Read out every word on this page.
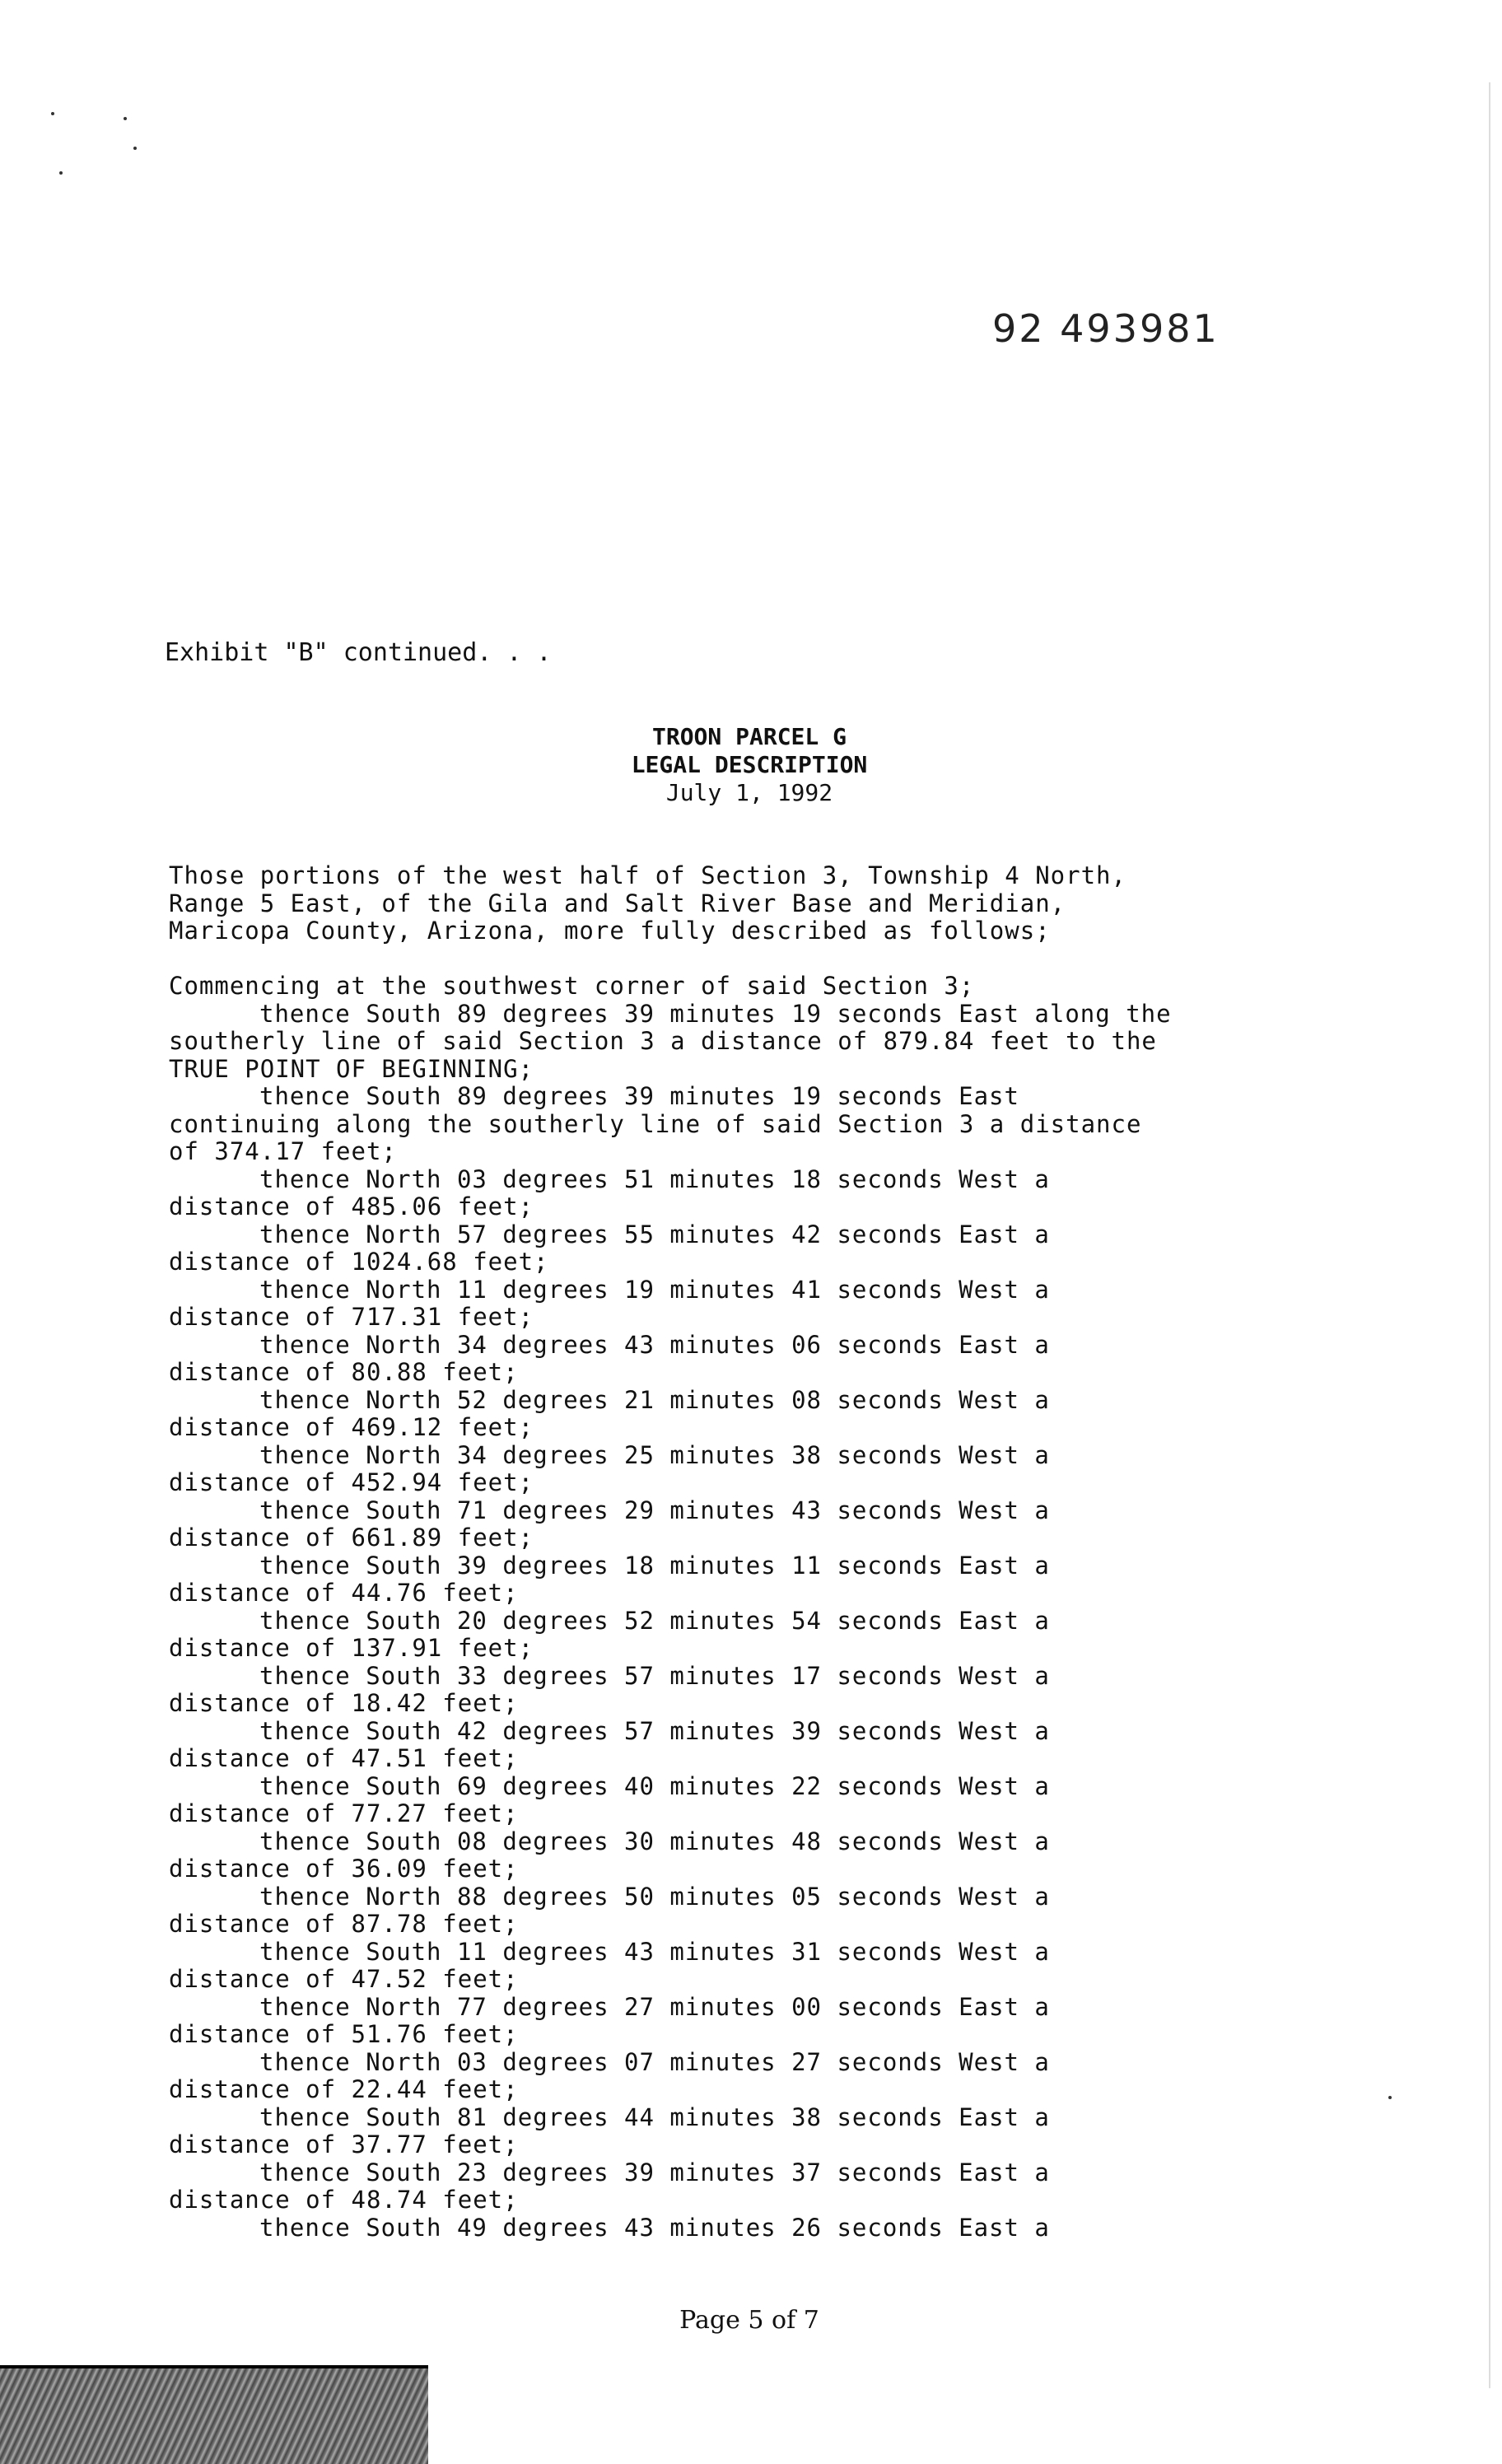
92 493981
Exhibit "B" continued. . .
TROON PARCEL G
LEGAL DESCRIPTION
July 1, 1992
Those portions of the west half of Section 3, Township 4 North,
Range 5 East, of the Gila and Salt River Base and Meridian,
Maricopa County, Arizona, more fully described as follows;
Commencing at the southwest corner of said Section 3;
thence South 89 degrees 39 minutes 19 seconds East along the
southerly line of said Section 3 a distance of 879.84 feet to the
TRUE POINT OF BEGINNING;
thence South 89 degrees 39 minutes 19 seconds East
continuing along the southerly line of said Section 3 a distance
of 374.17 feet;
thence North 03 degrees 51 minutes 18 seconds West a
distance of 485.06 feet;
thence North 57 degrees 55 minutes 42 seconds East a
distance of 1024.68 feet;
thence North 11 degrees 19 minutes 41 seconds West a
distance of 717.31 feet;
thence North 34 degrees 43 minutes 06 seconds East a
distance of 80.88 feet;
thence North 52 degrees 21 minutes 08 seconds West a
distance of 469.12 feet;
thence North 34 degrees 25 minutes 38 seconds West a
distance of 452.94 feet;
thence South 71 degrees 29 minutes 43 seconds West a
distance of 661.89 feet;
thence South 39 degrees 18 minutes 11 seconds East a
distance of 44.76 feet;
thence South 20 degrees 52 minutes 54 seconds East a
distance of 137.91 feet;
thence South 33 degrees 57 minutes 17 seconds West a
distance of 18.42 feet;
thence South 42 degrees 57 minutes 39 seconds West a
distance of 47.51 feet;
thence South 69 degrees 40 minutes 22 seconds West a
distance of 77.27 feet;
thence South 08 degrees 30 minutes 48 seconds West a
distance of 36.09 feet;
thence North 88 degrees 50 minutes 05 seconds West a
distance of 87.78 feet;
thence South 11 degrees 43 minutes 31 seconds West a
distance of 47.52 feet;
thence North 77 degrees 27 minutes 00 seconds East a
distance of 51.76 feet;
thence North 03 degrees 07 minutes 27 seconds West a
distance of 22.44 feet;
thence South 81 degrees 44 minutes 38 seconds East a
distance of 37.77 feet;
thence South 23 degrees 39 minutes 37 seconds East a
distance of 48.74 feet;
thence South 49 degrees 43 minutes 26 seconds East a
Page 5 of 7
